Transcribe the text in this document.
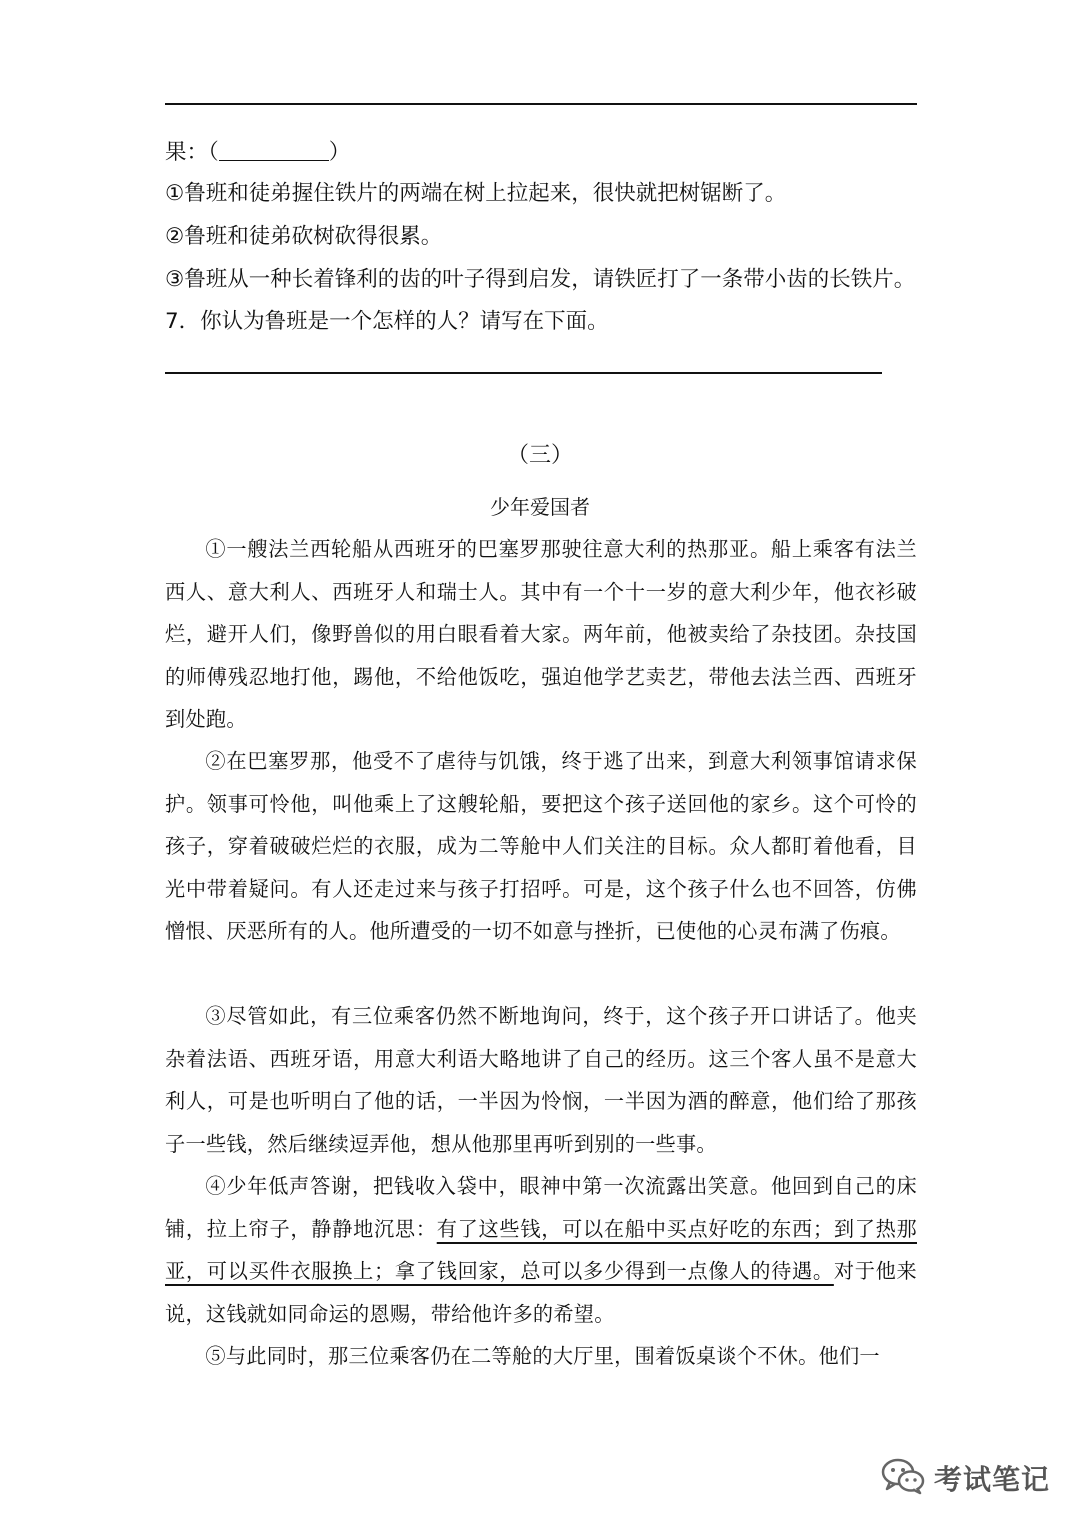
果：（	）
①鲁班和徒弟握住铁片的两端在树上拉起来，很快就把树锯断了。
②鲁班和徒弟砍树砍得很累。
③鲁班从一种长着锋利的齿的叶子得到启发，请铁匠打了一条带小齿的长铁片。
7．你认为鲁班是一个怎样的人？请写在下面。
（三）
少年爱国者
①一艘法兰西轮船从西班牙的巴塞罗那驶往意大利的热那亚。船上乘客有法兰西人、意大利人、西班牙人和瑞士人。其中有一个十一岁的意大利少年，他衣衫破烂，避开人们，像野兽似的用白眼看着大家。两年前，他被卖给了杂技团。杂技国的师傅残忍地打他，踢他，不给他饭吃，强迫他学艺卖艺，带他去法兰西、西班牙到处跑。
②在巴塞罗那，他受不了虐待与饥饿，终于逃了出来，到意大利领事馆请求保护。领事可怜他，叫他乘上了这艘轮船，要把这个孩子送回他的家乡。这个可怜的孩子，穿着破破烂烂的衣服，成为二等舱中人们关注的目标。众人都盯着他看，目光中带着疑问。有人还走过来与孩子打招呼。可是，这个孩子什么也不回答，仿佛憎恨、厌恶所有的人。他所遭受的一切不如意与挫折，已使他的心灵布满了伤痕。
③尽管如此，有三位乘客仍然不断地询问，终于，这个孩子开口讲话了。他夹杂着法语、西班牙语，用意大利语大略地讲了自己的经历。这三个客人虽不是意大利人，可是也听明白了他的话，一半因为怜悯，一半因为酒的醉意，他们给了那孩子一些钱，然后继续逗弄他，想从他那里再听到别的一些事。
④少年低声答谢，把钱收入袋中，眼神中第一次流露出笑意。他回到自己的床铺，拉上帘子，静静地沉思：有了这些钱，可以在船中买点好吃的东西；到了热那亚，可以买件衣服换上；拿了钱回家，总可以多少得到一点像人的待遇。对于他来说，这钱就如同命运的恩赐，带给他许多的希望。
⑤与此同时，那三位乘客仍在二等舱的大厅里，围着饭桌谈个不休。他们一
考试笔记
